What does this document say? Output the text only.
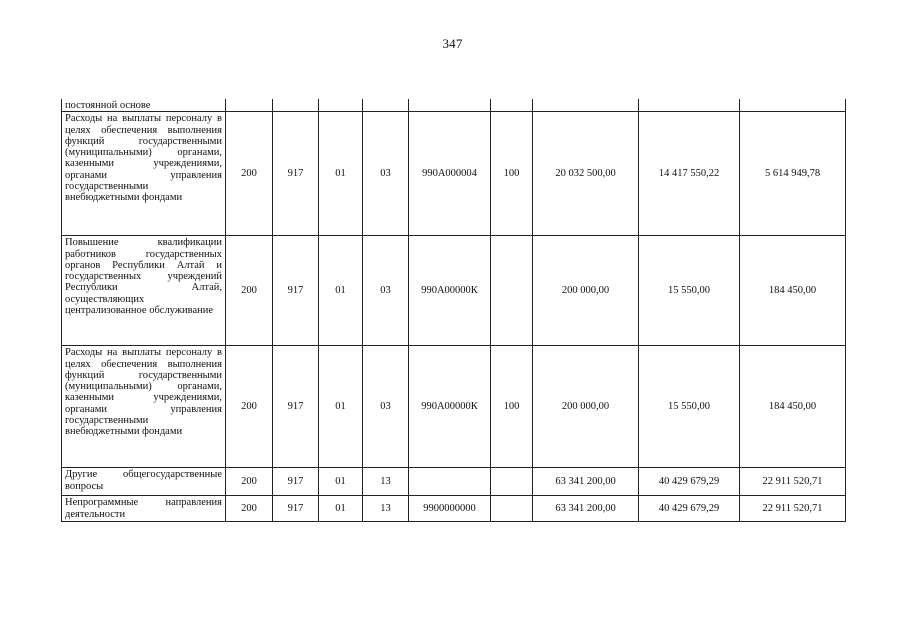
347
постоянной основе									
Расходы на выплаты персоналу в целях обеспечения выполнения функций государственными (муниципальными) органами, казенными учреждениями, органами управления государственными внебюджетными фондами	200	917	01	03	990А000004	100	20 032 500,00	14 417 550,22	5 614 949,78
Повышение квалификации работников государственных органов Республики Алтай и государственных учреждений Республики Алтай, осуществляющих централизованное обслуживание	200	917	01	03	990А00000К		200 000,00	15 550,00	184 450,00
Расходы на выплаты персоналу в целях обеспечения выполнения функций государственными (муниципальными) органами, казенными учреждениями, органами управления государственными внебюджетными фондами	200	917	01	03	990А00000К	100	200 000,00	15 550,00	184 450,00
Другие общегосударственные вопросы	200	917	01	13			63 341 200,00	40 429 679,29	22 911 520,71
Непрограммные направления деятельности	200	917	01	13	9900000000		63 341 200,00	40 429 679,29	22 911 520,71
